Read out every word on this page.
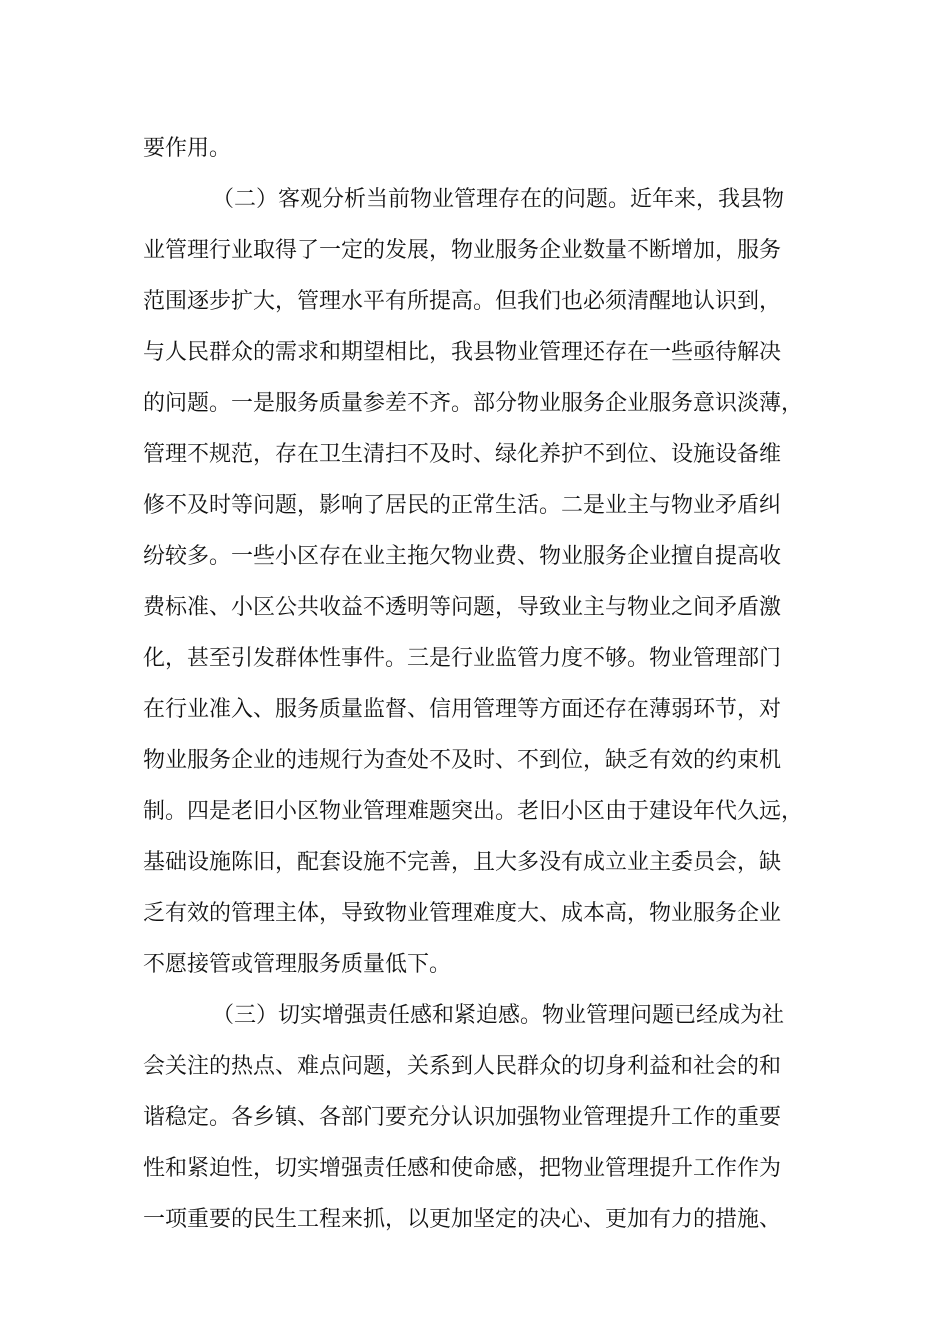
要作用。

（二）客观分析当前物业管理存在的问题。近年来，我县物

业管理行业取得了一定的发展，物业服务企业数量不断增加，服务

范围逐步扩大，管理水平有所提高。但我们也必须清醒地认识到，

与人民群众的需求和期望相比，我县物业管理还存在一些亟待解决

的问题。一是服务质量参差不齐。部分物业服务企业服务意识淡薄，

管理不规范，存在卫生清扫不及时、绿化养护不到位、设施设备维

修不及时等问题，影响了居民的正常生活。二是业主与物业矛盾纠

纷较多。一些小区存在业主拖欠物业费、物业服务企业擅自提高收

费标准、小区公共收益不透明等问题，导致业主与物业之间矛盾激

化，甚至引发群体性事件。三是行业监管力度不够。物业管理部门

在行业准入、服务质量监督、信用管理等方面还存在薄弱环节，对

物业服务企业的违规行为查处不及时、不到位，缺乏有效的约束机

制。四是老旧小区物业管理难题突出。老旧小区由于建设年代久远，

基础设施陈旧，配套设施不完善，且大多没有成立业主委员会，缺

乏有效的管理主体，导致物业管理难度大、成本高，物业服务企业

不愿接管或管理服务质量低下。

（三）切实增强责任感和紧迫感。物业管理问题已经成为社

会关注的热点、难点问题，关系到人民群众的切身利益和社会的和

谐稳定。各乡镇、各部门要充分认识加强物业管理提升工作的重要

性和紧迫性，切实增强责任感和使命感，把物业管理提升工作作为

一项重要的民生工程来抓，以更加坚定的决心、更加有力的措施、
